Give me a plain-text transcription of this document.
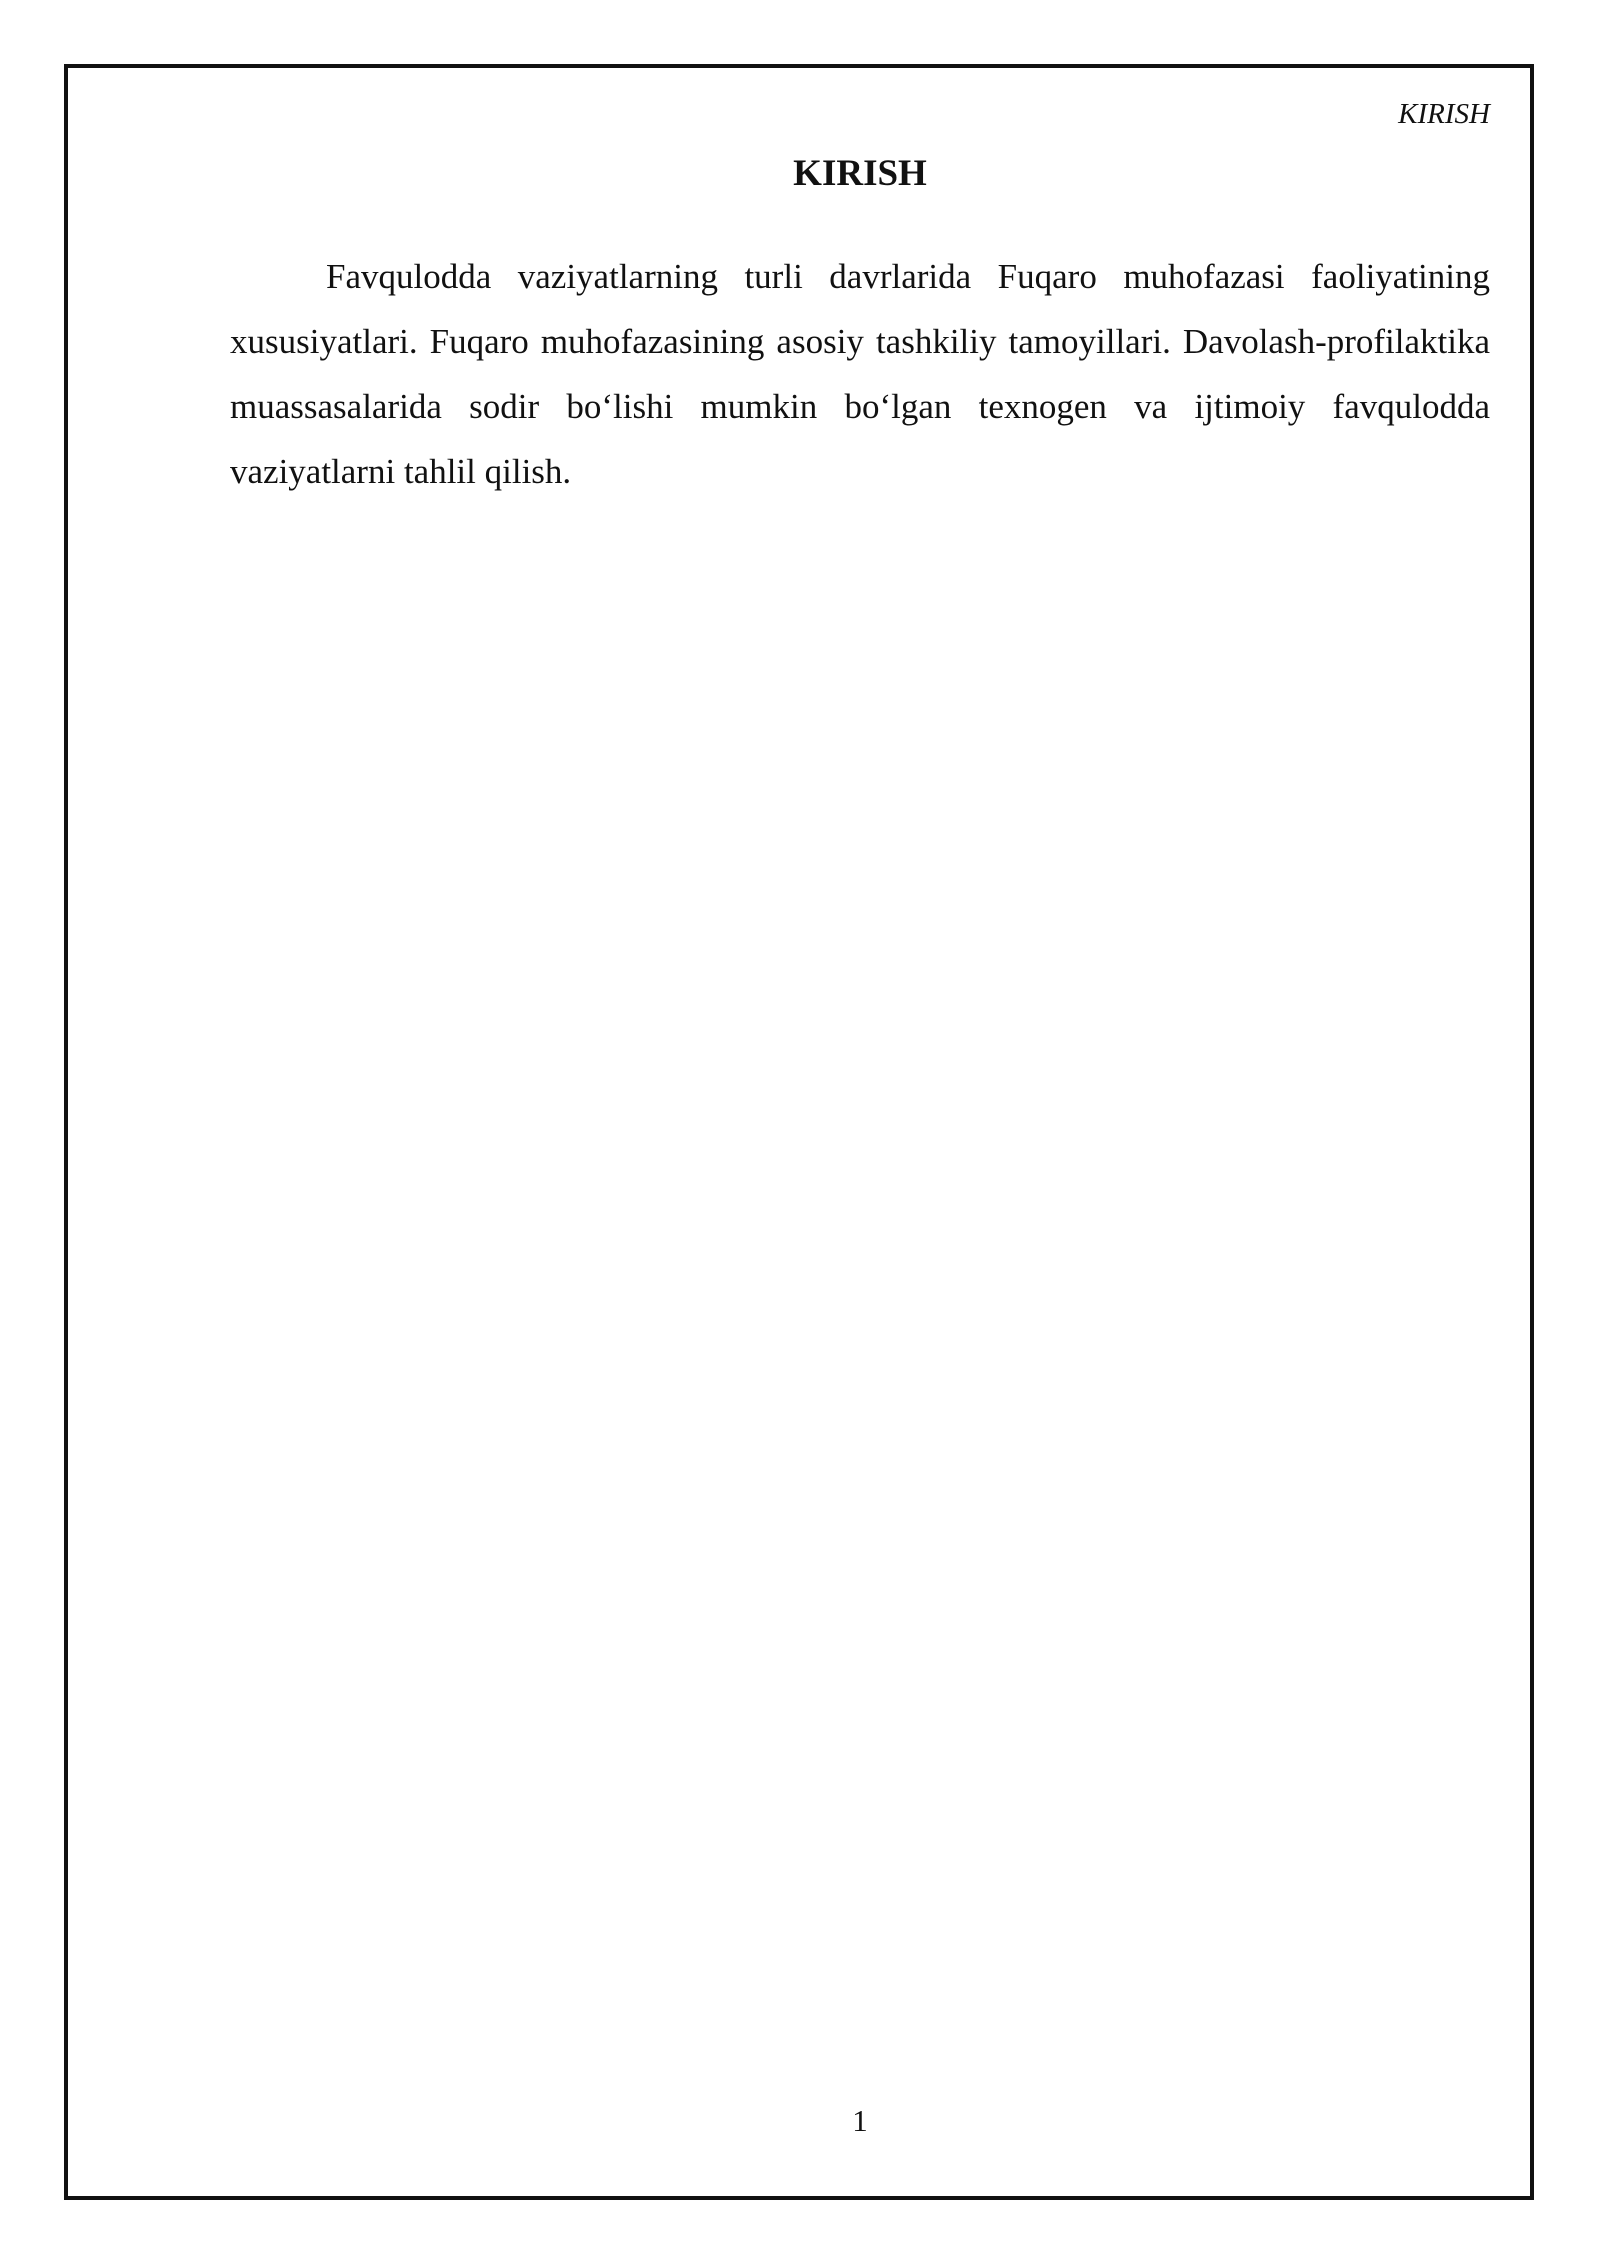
KIRISH
KIRISH

Favqulodda vaziyatlarning turli davrlarida Fuqaro muhofazasi faoliyatining xususiyatlari. Fuqaro muhofazasining asosiy tashkiliy tamoyillari. Davolash-profilaktika muassasalarida sodir bo‘lishi mumkin bo‘lgan texnogen va ijtimoiy favqulodda vaziyatlarni tahlil qilish.

1
